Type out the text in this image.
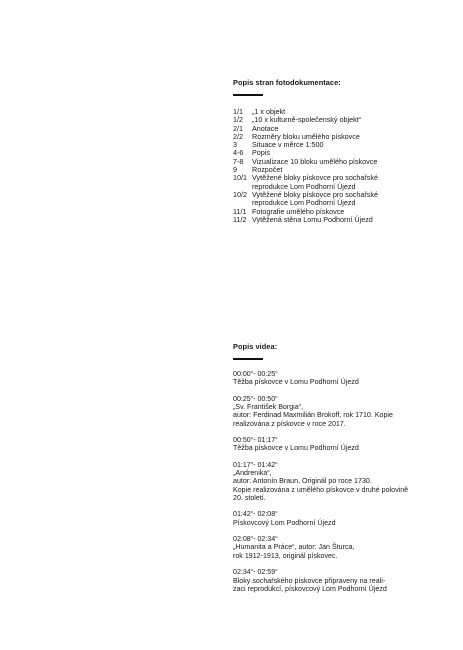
Popis stran fotodokumentace:
1/1	„1 x objekt
1/2	„10 x kulturně-společenský objekt“
2/1	Anotace
2/2	Rozměry bloku umělého pískovce
3	Situace v měrce 1:500
4-6	Popis
7-8	Vizualizace 10 bloku umělého pískovce
9	Rozpočet
10/1 Vytěžené bloky pískovce pro sochařské
reprodukce Lom Podhorní Újezd
10/2 Vytěžené bloky pískovce pro sochařské
reprodukce Lom Podhorní Újezd
11/1 Fotografie umělého pískovce
11/2 Vytěžená stěna Lomu Podhorní Újezd
Popis videa:
00:00“- 00:25“
Těžba pískovce v Lomu Podhorní Újezd
00:25“- 00:50“
„Sv. František Borgia“,
autor: Ferdinad Maxmilián Brokoff, rok 1710. Kopie
realizována z pískovce v roce 2017.
00:50“- 01:17“
Těžba pískovce v Lomu Podhorní Újezd
01:17“- 01:42“
„Andrenika“,
autor: Antonín Braun, Originál po roce 1730.
Kopie realizována z umělého pískovce v druhé polovině
20. století.
01:42“- 02:08“
Pískovcový Lom Podhorní Újezd
02:08“- 02:34“
„Humanita a Práce“, autor: Jan Šturса,
rok 1912-1913, originál pískovec.
02:34“- 02:59“
Bloky sochařského pískovce připraveny na reali-
zaci reprodukcí, pískovcový Lom Podhorní Újezd
